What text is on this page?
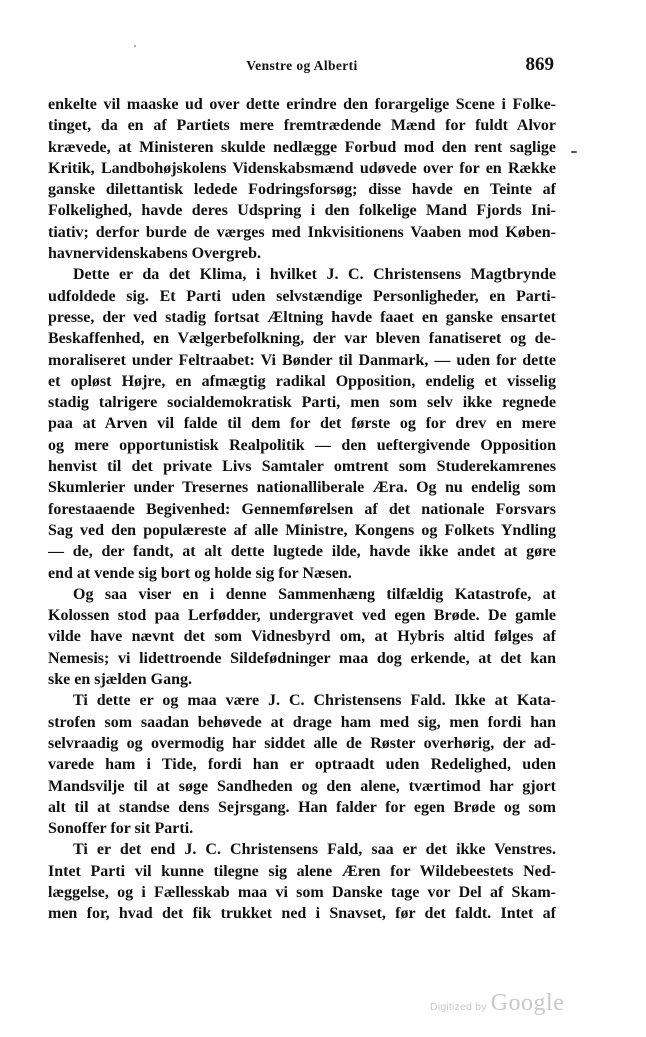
Venstre og Alberti	869
enkelte vil maaske ud over dette erindre den forargelige Scene i Folke-
tinget, da en af Partiets mere fremtrædende Mænd for fuldt Alvor
krævede, at Ministeren skulde nedlægge Forbud mod den rent saglige
Kritik, Landbohøjskolens Videnskabsmænd udøvede over for en Række
ganske dilettantisk ledede Fodringsforsøg; disse havde en Teinte af
Folkelighed, havde deres Udspring i den folkelige Mand Fjords Ini-
tiativ; derfor burde de værges med Inkvisitionens Vaaben mod Køben-
havnervidenskabens Overgreb.
Dette er da det Klima, i hvilket J. C. Christensens Magtbrynde
udfoldede sig. Et Parti uden selvstændige Personligheder, en Parti-
presse, der ved stadig fortsat Æltning havde faaet en ganske ensartet
Beskaffenhed, en Vælgerbefolkning, der var bleven fanatiseret og de-
moraliseret under Feltraabet: Vi Bønder til Danmark, — uden for dette
et opløst Højre, en afmægtig radikal Opposition, endelig et visselig
stadig talrigere socialdemokratisk Parti, men som selv ikke regnede
paa at Arven vil falde til dem for det første og for drev en mere
og mere opportunistisk Realpolitik — den ueftergivende Opposition
henvist til det private Livs Samtaler omtrent som Studerekamrenes
Skumlerier under Tresernes nationalliberale Æra. Og nu endelig som
forestaaende Begivenhed: Gennemførelsen af det nationale Forsvars
Sag ved den populæreste af alle Ministre, Kongens og Folkets Yndling
— de, der fandt, at alt dette lugtede ilde, havde ikke andet at gøre
end at vende sig bort og holde sig for Næsen.
Og saa viser en i denne Sammenhæng tilfældig Katastrofe, at
Kolossen stod paa Lerfødder, undergravet ved egen Brøde. De gamle
vilde have nævnt det som Vidnesbyrd om, at Hybris altid følges af
Nemesis; vi lidettroende Sildefødninger maa dog erkende, at det kan
ske en sjælden Gang.
Ti dette er og maa være J. C. Christensens Fald. Ikke at Kata-
strofen som saadan behøvede at drage ham med sig, men fordi han
selvraadig og overmodig har siddet alle de Røster overhørig, der ad-
varede ham i Tide, fordi han er optraadt uden Redelighed, uden
Mandsvilje til at søge Sandheden og den alene, tværtimod har gjort
alt til at standse dens Sejrsgang. Han falder for egen Brøde og som
Sonoffer for sit Parti.
Ti er det end J. C. Christensens Fald, saa er det ikke Venstres.
Intet Parti vil kunne tilegne sig alene Æren for Wildebeestets Ned-
læggelse, og i Fællesskab maa vi som Danske tage vor Del af Skam-
men for, hvad det fik trukket ned i Snavset, før det faldt. Intet af
Digitized by Google
